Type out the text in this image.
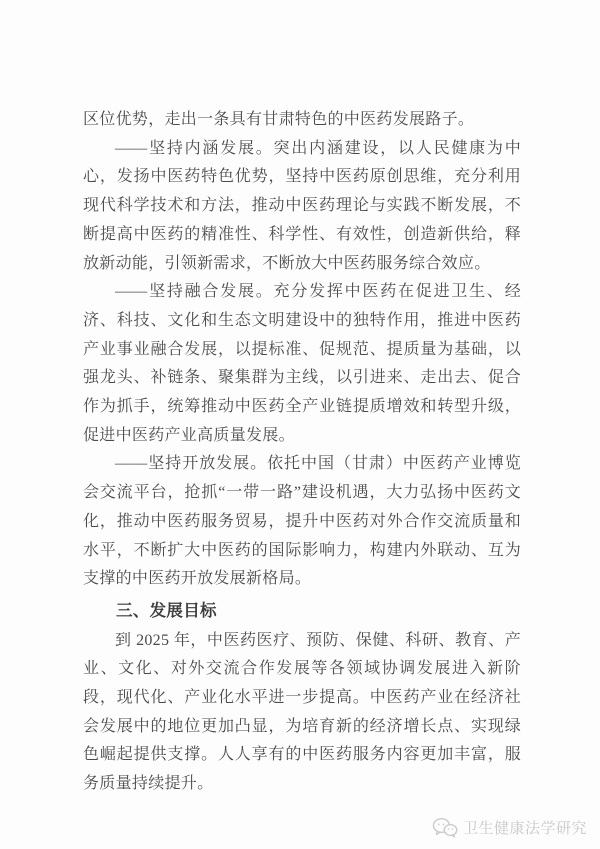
区位优势，走出一条具有甘肃特色的中医药发展路子。

——坚持内涵发展。突出内涵建设，以人民健康为中心，发扬中医药特色优势，坚持中医药原创思维，充分利用现代科学技术和方法，推动中医药理论与实践不断发展，不断提高中医药的精准性、科学性、有效性，创造新供给，释放新动能，引领新需求，不断放大中医药服务综合效应。

——坚持融合发展。充分发挥中医药在促进卫生、经济、科技、文化和生态文明建设中的独特作用，推进中医药产业事业融合发展，以提标准、促规范、提质量为基础，以强龙头、补链条、聚集群为主线，以引进来、走出去、促合作为抓手，统筹推动中医药全产业链提质增效和转型升级，促进中医药产业高质量发展。

——坚持开放发展。依托中国（甘肃）中医药产业博览会交流平台，抢抓“一带一路”建设机遇，大力弘扬中医药文化，推动中医药服务贸易，提升中医药对外合作交流质量和水平，不断扩大中医药的国际影响力，构建内外联动、互为支撑的中医药开放发展新格局。

三、发展目标

到 2025 年，中医药医疗、预防、保健、科研、教育、产业、文化、对外交流合作发展等各领域协调发展进入新阶段，现代化、产业化水平进一步提高。中医药产业在经济社会发展中的地位更加凸显，为培育新的经济增长点、实现绿色崛起提供支撑。人人享有的中医药服务内容更加丰富，服务质量持续提升。

卫生健康法学研究
